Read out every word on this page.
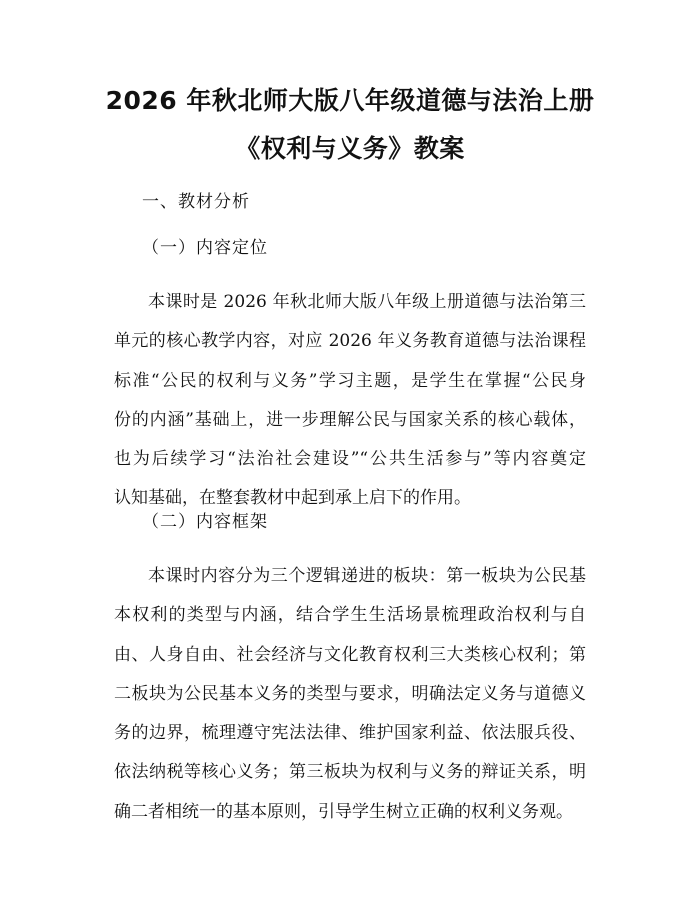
2026 年秋北师大版八年级道德与法治上册
《权利与义务》教案
一、教材分析
（一）内容定位
本课时是 2026 年秋北师大版八年级上册道德与法治第三
单元的核心教学内容，对应 2026 年义务教育道德与法治课程
标准“公民的权利与义务”学习主题，是学生在掌握“公民身
份的内涵”基础上，进一步理解公民与国家关系的核心载体，
也为后续学习“法治社会建设”“公共生活参与”等内容奠定
认知基础，在整套教材中起到承上启下的作用。
（二）内容框架
本课时内容分为三个逻辑递进的板块：第一板块为公民基
本权利的类型与内涵，结合学生生活场景梳理政治权利与自
由、人身自由、社会经济与文化教育权利三大类核心权利；第
二板块为公民基本义务的类型与要求，明确法定义务与道德义
务的边界，梳理遵守宪法法律、维护国家利益、依法服兵役、
依法纳税等核心义务；第三板块为权利与义务的辩证关系，明
确二者相统一的基本原则，引导学生树立正确的权利义务观。
